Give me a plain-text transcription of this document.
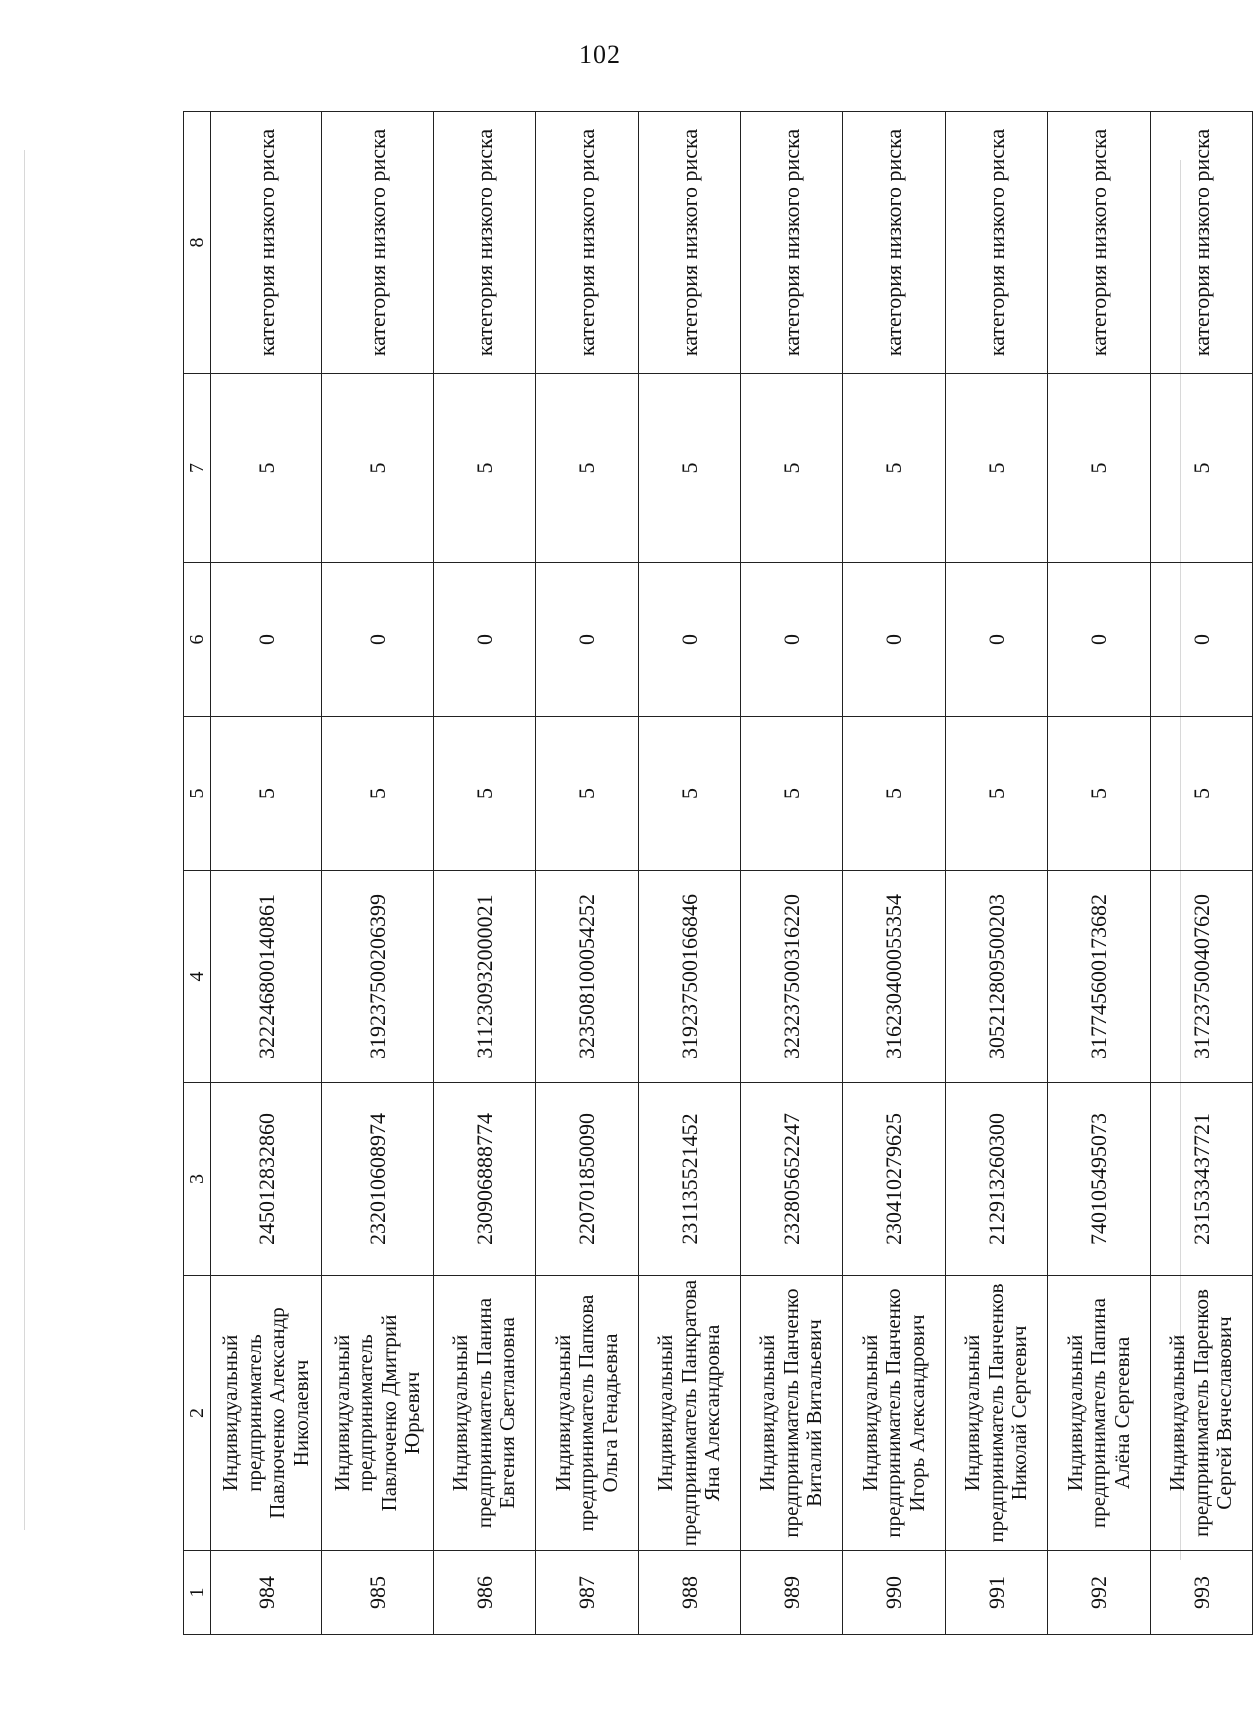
102
1	2	3	4	5	6	7	8
984	Индивидуальный предприниматель Павлюченко Александр Николаевич	245012832860	322246800140861	5	0	5	категория низкого риска
985	Индивидуальный предприниматель Павлюченко Дмитрий Юрьевич	232010608974	319237500206399	5	0	5	категория низкого риска
986	Индивидуальный предприниматель Панина Евгения Светлановна	230906888774	311230932000021	5	0	5	категория низкого риска
987	Индивидуальный предприниматель Папкова Ольга Генадьевна	220701850090	323508100054252	5	0	5	категория низкого риска
988	Индивидуальный предприниматель Панкратова Яна Александровна	231135521452	319237500166846	5	0	5	категория низкого риска
989	Индивидуальный предприниматель Панченко Виталий Витальевич	232805652247	323237500316220	5	0	5	категория низкого риска
990	Индивидуальный предприниматель Панченко Игорь Александрович	230410279625	316230400055354	5	0	5	категория низкого риска
991	Индивидуальный предприниматель Панченков Николай Сергеевич	212913260300	305212809500203	5	0	5	категория низкого риска
992	Индивидуальный предприниматель Папина Алёна Сергеевна	740105495073	317745600173682	5	0	5	категория низкого риска
993	Индивидуальный предприниматель Паренков Сергей Вячеславович	231533437721	317237500407620	5	0	5	категория низкого риска
